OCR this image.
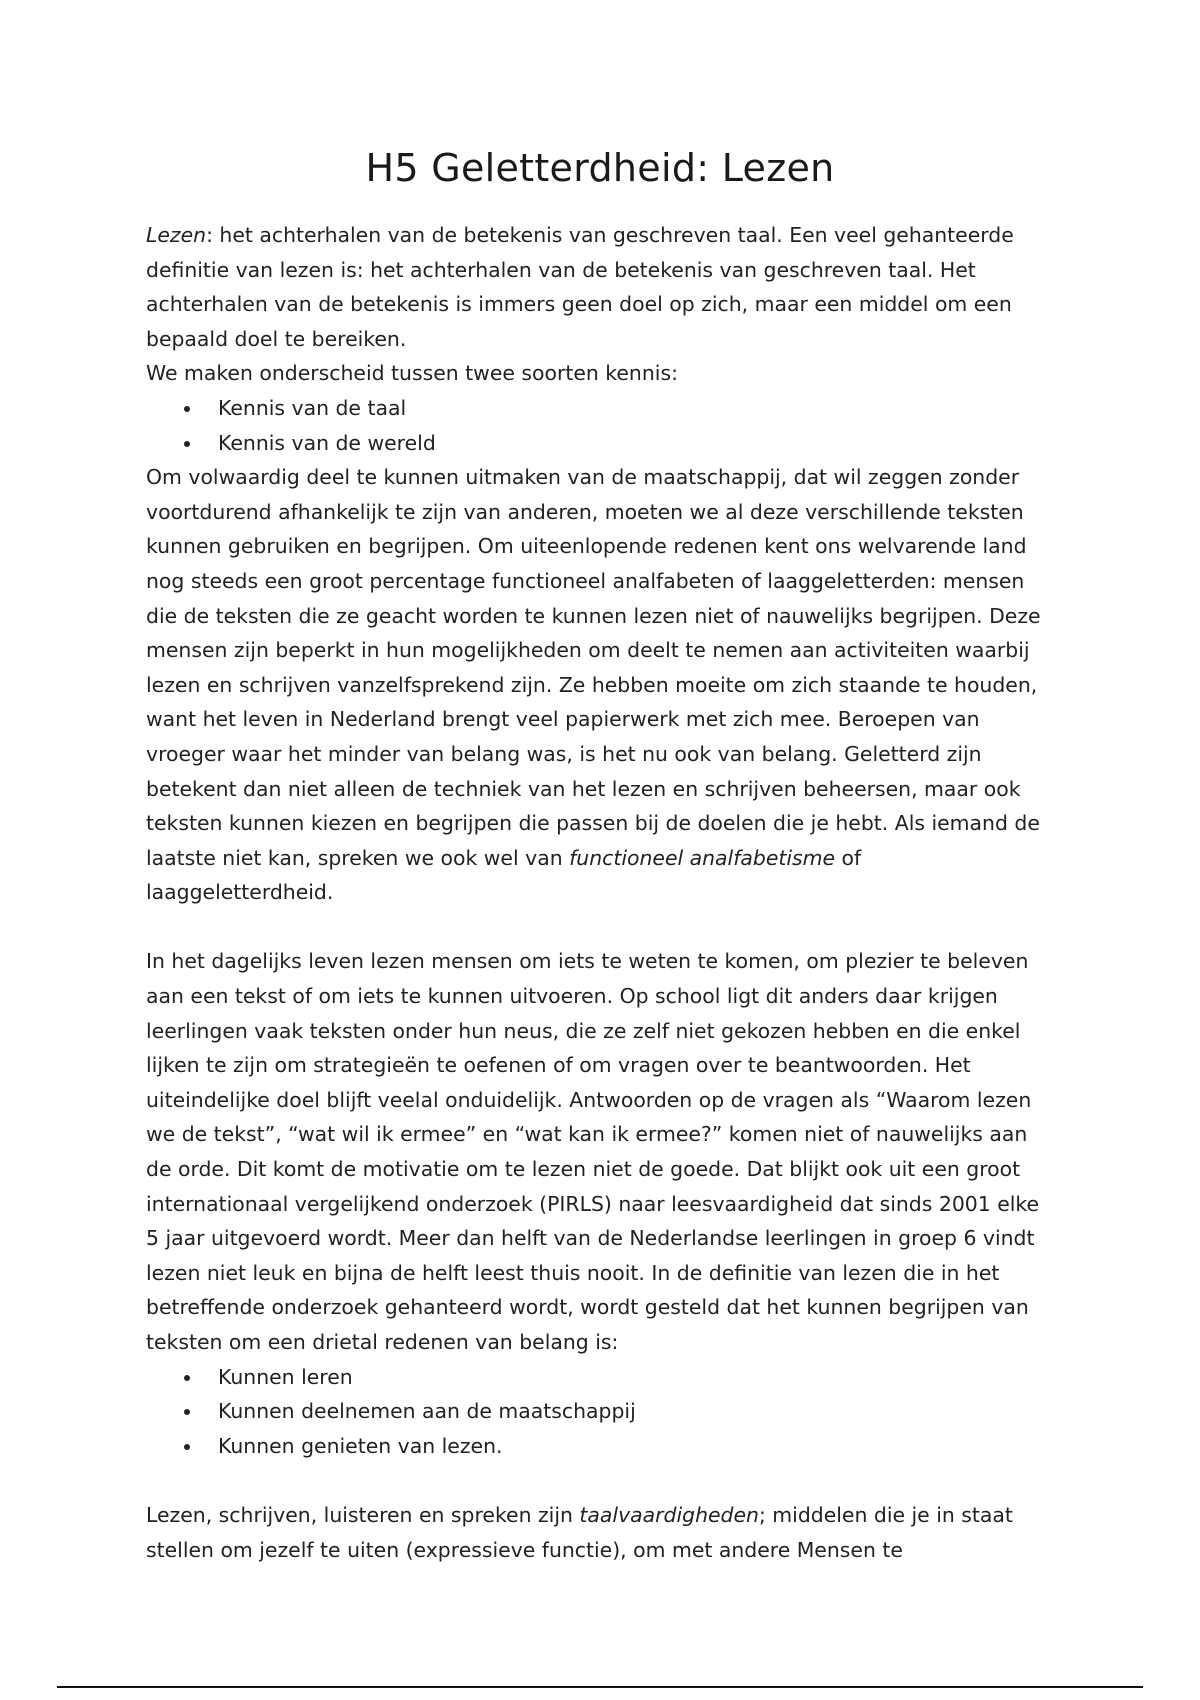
H5 Geletterdheid: Lezen

Lezen: het achterhalen van de betekenis van geschreven taal. Een veel gehanteerde definitie van lezen is: het achterhalen van de betekenis van geschreven taal. Het achterhalen van de betekenis is immers geen doel op zich, maar een middel om een bepaald doel te bereiken.

We maken onderscheid tussen twee soorten kennis:

Kennis van de taal
Kennis van de wereld

Om volwaardig deel te kunnen uitmaken van de maatschappij, dat wil zeggen zonder voortdurend afhankelijk te zijn van anderen, moeten we al deze verschillende teksten kunnen gebruiken en begrijpen. Om uiteenlopende redenen kent ons welvarende land nog steeds een groot percentage functioneel analfabeten of laaggeletterden: mensen die de teksten die ze geacht worden te kunnen lezen niet of nauwelijks begrijpen. Deze mensen zijn beperkt in hun mogelijkheden om deelt te nemen aan activiteiten waarbij lezen en schrijven vanzelfsprekend zijn. Ze hebben moeite om zich staande te houden, want het leven in Nederland brengt veel papierwerk met zich mee. Beroepen van vroeger waar het minder van belang was, is het nu ook van belang. Geletterd zijn betekent dan niet alleen de techniek van het lezen en schrijven beheersen, maar ook teksten kunnen kiezen en begrijpen die passen bij de doelen die je hebt. Als iemand de laatste niet kan, spreken we ook wel van functioneel analfabetisme of laaggeletterdheid.

In het dagelijks leven lezen mensen om iets te weten te komen, om plezier te beleven aan een tekst of om iets te kunnen uitvoeren. Op school ligt dit anders daar krijgen leerlingen vaak teksten onder hun neus, die ze zelf niet gekozen hebben en die enkel lijken te zijn om strategieën te oefenen of om vragen over te beantwoorden. Het uiteindelijke doel blijft veelal onduidelijk. Antwoorden op de vragen als “Waarom lezen we de tekst”, “wat wil ik ermee” en “wat kan ik ermee?” komen niet of nauwelijks aan de orde. Dit komt de motivatie om te lezen niet de goede. Dat blijkt ook uit een groot internationaal vergelijkend onderzoek (PIRLS) naar leesvaardigheid dat sinds 2001 elke 5 jaar uitgevoerd wordt. Meer dan helft van de Nederlandse leerlingen in groep 6 vindt lezen niet leuk en bijna de helft leest thuis nooit. In de definitie van lezen die in het betreffende onderzoek gehanteerd wordt, wordt gesteld dat het kunnen begrijpen van teksten om een drietal redenen van belang is:

Kunnen leren
Kunnen deelnemen aan de maatschappij
Kunnen genieten van lezen.

Lezen, schrijven, luisteren en spreken zijn taalvaardigheden; middelen die je in staat stellen om jezelf te uiten (expressieve functie), om met andere Mensen te
